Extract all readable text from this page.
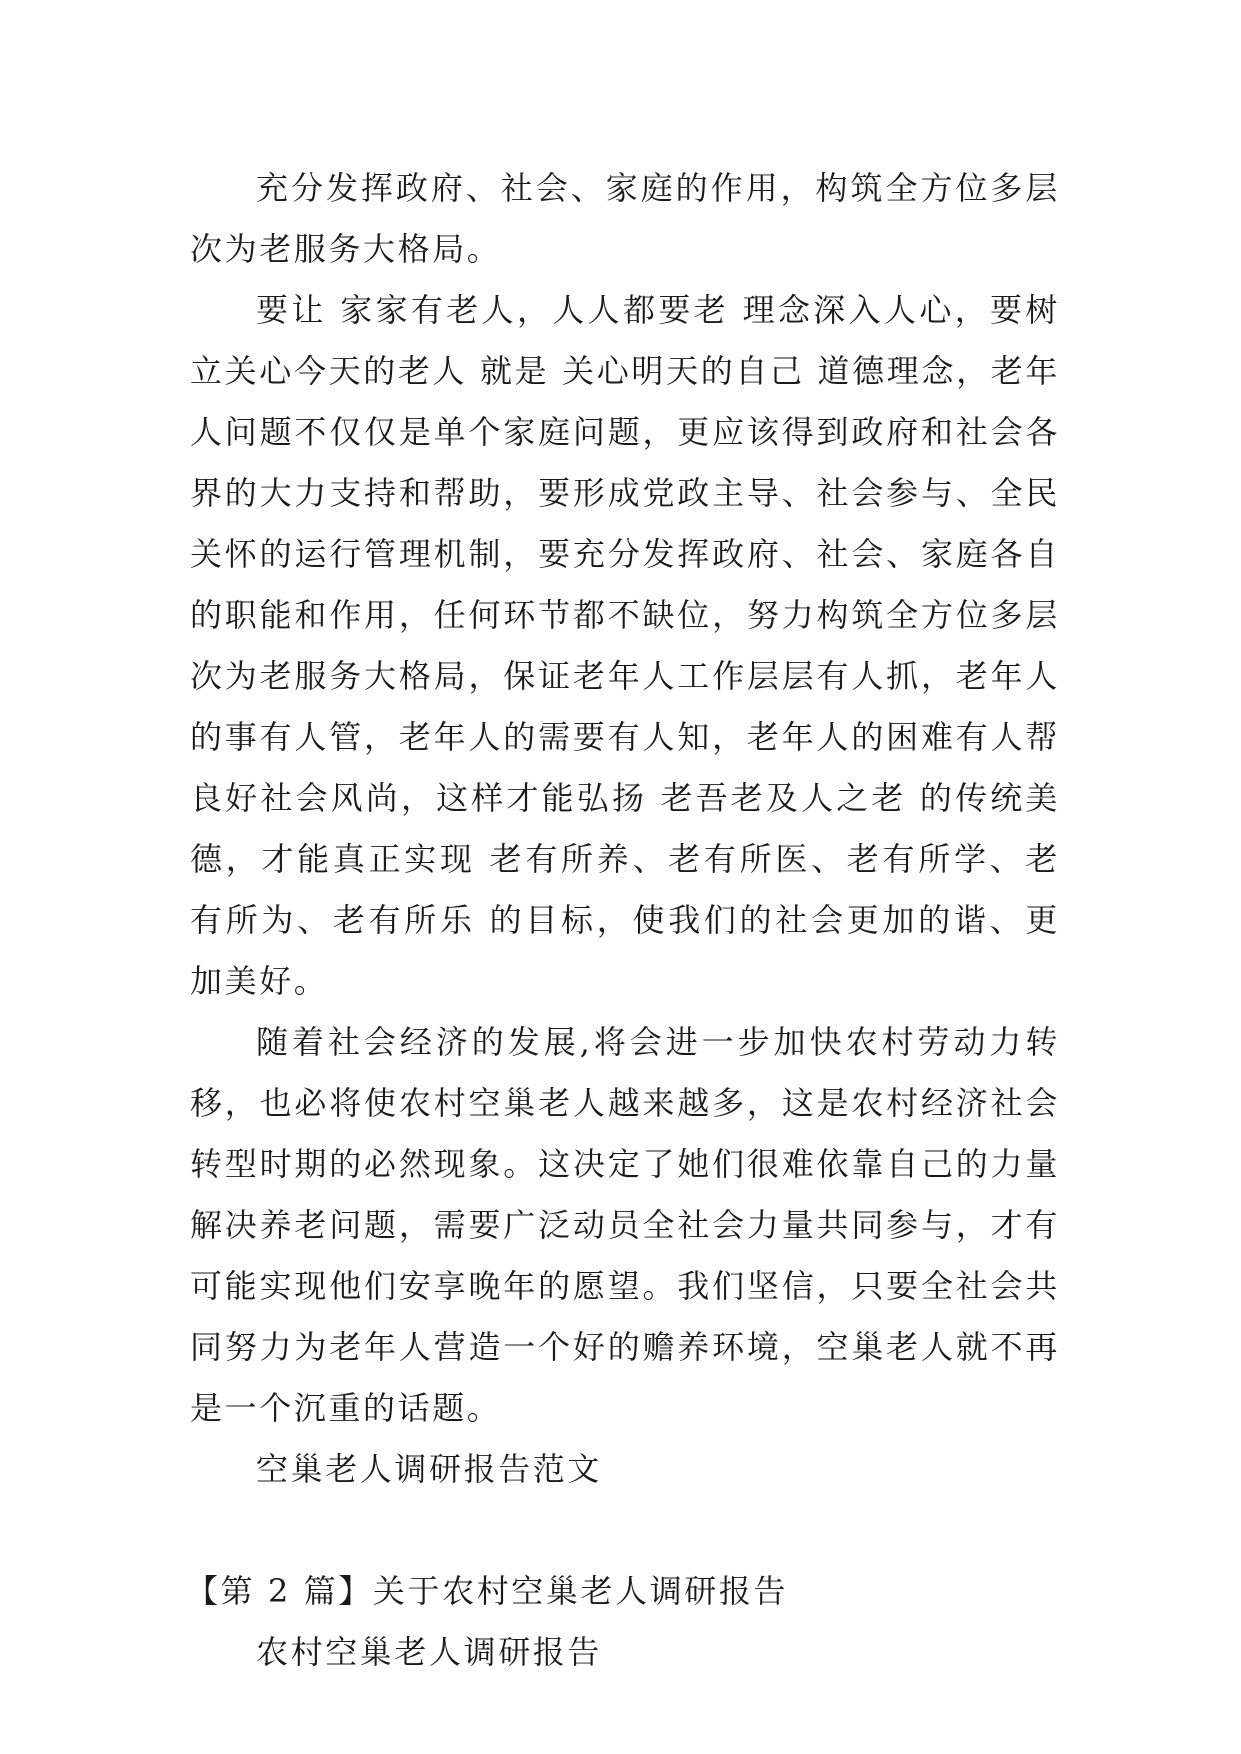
充分发挥政府、社会、家庭的作用，构筑全方位多层次为老服务大格局。

要让 家家有老人，人人都要老 理念深入人心，要树立关心今天的老人 就是 关心明天的自己 道德理念，老年人问题不仅仅是单个家庭问题，更应该得到政府和社会各界的大力支持和帮助，要形成党政主导、社会参与、全民关怀的运行管理机制，要充分发挥政府、社会、家庭各自的职能和作用，任何环节都不缺位，努力构筑全方位多层次为老服务大格局，保证老年人工作层层有人抓，老年人的事有人管，老年人的需要有人知，老年人的困难有人帮良好社会风尚，这样才能弘扬 老吾老及人之老 的传统美德，才能真正实现 老有所养、老有所医、老有所学、老有所为、老有所乐 的目标，使我们的社会更加的谐、更加美好。

随着社会经济的发展,将会进一步加快农村劳动力转移，也必将使农村空巢老人越来越多，这是农村经济社会转型时期的必然现象。这决定了她们很难依靠自己的力量解决养老问题，需要广泛动员全社会力量共同参与，才有可能实现他们安享晚年的愿望。我们坚信，只要全社会共同努力为老年人营造一个好的赡养环境，空巢老人就不再是一个沉重的话题。

空巢老人调研报告范文
【第 2 篇】关于农村空巢老人调研报告
农村空巢老人调研报告
